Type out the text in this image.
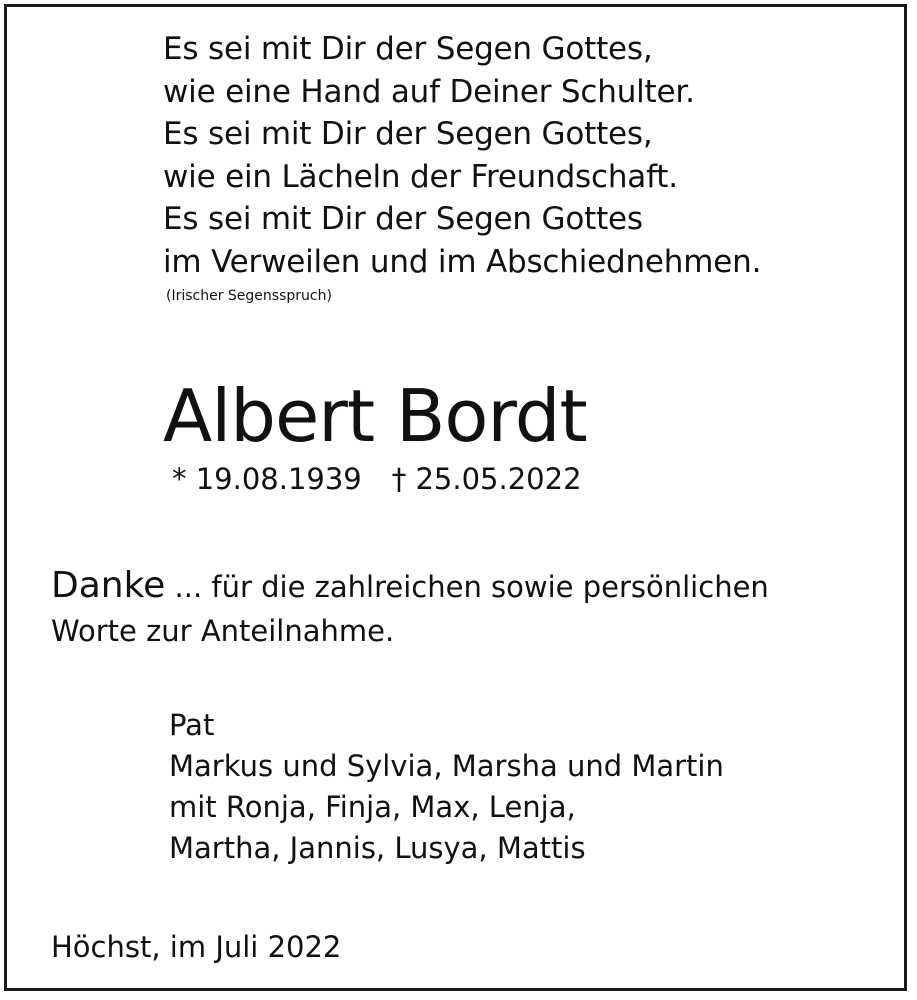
Es sei mit Dir der Segen Gottes,
wie eine Hand auf Deiner Schulter.
Es sei mit Dir der Segen Gottes,
wie ein Lächeln der Freundschaft.
Es sei mit Dir der Segen Gottes
im Verweilen und im Abschiednehmen.
(Irischer Segensspruch)
Albert Bordt
* 19.08.1939 † 25.05.2022
Danke ... für die zahlreichen sowie persönlichen
Worte zur Anteilnahme.
Pat
Markus und Sylvia, Marsha und Martin
mit Ronja, Finja, Max, Lenja,
Martha, Jannis, Lusya, Mattis
Höchst, im Juli 2022
